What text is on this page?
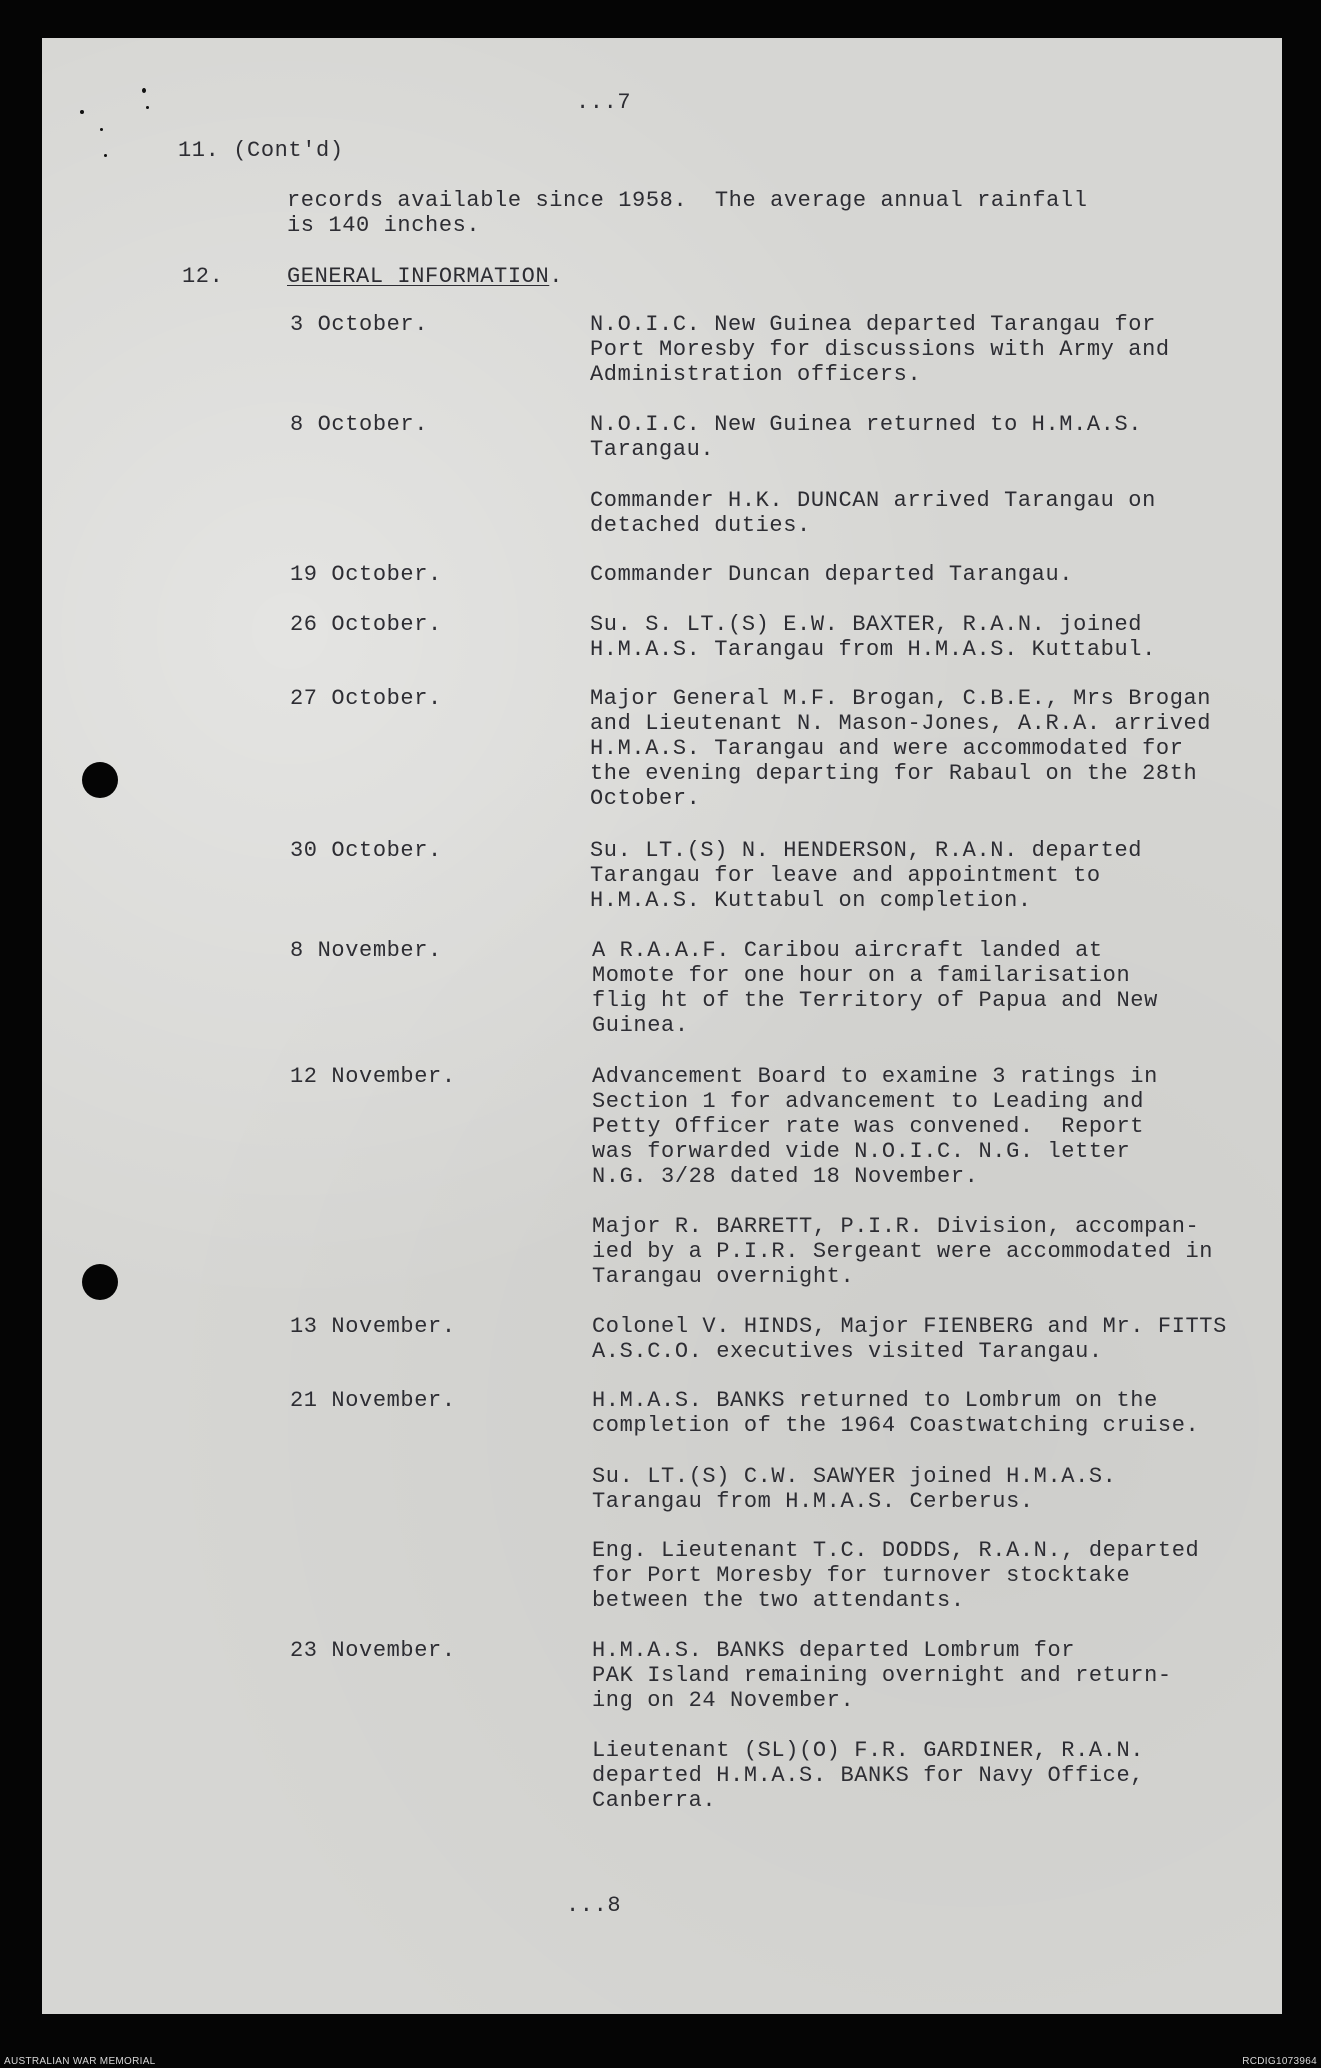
...7

11. (Cont'd)

records available since 1958.  The average annual rainfall

is 140 inches.

12.	GENERAL INFORMATION.

3 October.	N.O.I.C. New Guinea departed Tarangau for

Port Moresby for discussions with Army and

Administration officers.

8 October.	N.O.I.C. New Guinea returned to H.M.A.S.

Tarangau.

Commander H.K. DUNCAN arrived Tarangau on

detached duties.

19 October.	Commander Duncan departed Tarangau.

26 October.	Su. S. LT.(S) E.W. BAXTER, R.A.N. joined

H.M.A.S. Tarangau from H.M.A.S. Kuttabul.

27 October.	Major General M.F. Brogan, C.B.E., Mrs Brogan

and Lieutenant N. Mason-Jones, A.R.A. arrived

H.M.A.S. Tarangau and were accommodated for

the evening departing for Rabaul on the 28th

October.

30 October.	Su. LT.(S) N. HENDERSON, R.A.N. departed

Tarangau for leave and appointment to

H.M.A.S. Kuttabul on completion.

8 November.	A R.A.A.F. Caribou aircraft landed at

Momote for one hour on a familarisation

flig ht of the Territory of Papua and New

Guinea.

12 November.	Advancement Board to examine 3 ratings in

Section 1 for advancement to Leading and

Petty Officer rate was convened.  Report

was forwarded vide N.O.I.C. N.G. letter

N.G. 3/28 dated 18 November.

Major R. BARRETT, P.I.R. Division, accompan-

ied by a P.I.R. Sergeant were accommodated in

Tarangau overnight.

13 November.	Colonel V. HINDS, Major FIENBERG and Mr. FITTS

A.S.C.O. executives visited Tarangau.

21 November.	H.M.A.S. BANKS returned to Lombrum on the

completion of the 1964 Coastwatching cruise.

Su. LT.(S) C.W. SAWYER joined H.M.A.S.

Tarangau from H.M.A.S. Cerberus.

Eng. Lieutenant T.C. DODDS, R.A.N., departed

for Port Moresby for turnover stocktake

between the two attendants.

23 November.	H.M.A.S. BANKS departed Lombrum for

PAK Island remaining overnight and return-

ing on 24 November.

Lieutenant (SL)(O) F.R. GARDINER, R.A.N.

departed H.M.A.S. BANKS for Navy Office,

Canberra.

...8

AUSTRALIAN WAR MEMORIAL	RCDIG1073964
